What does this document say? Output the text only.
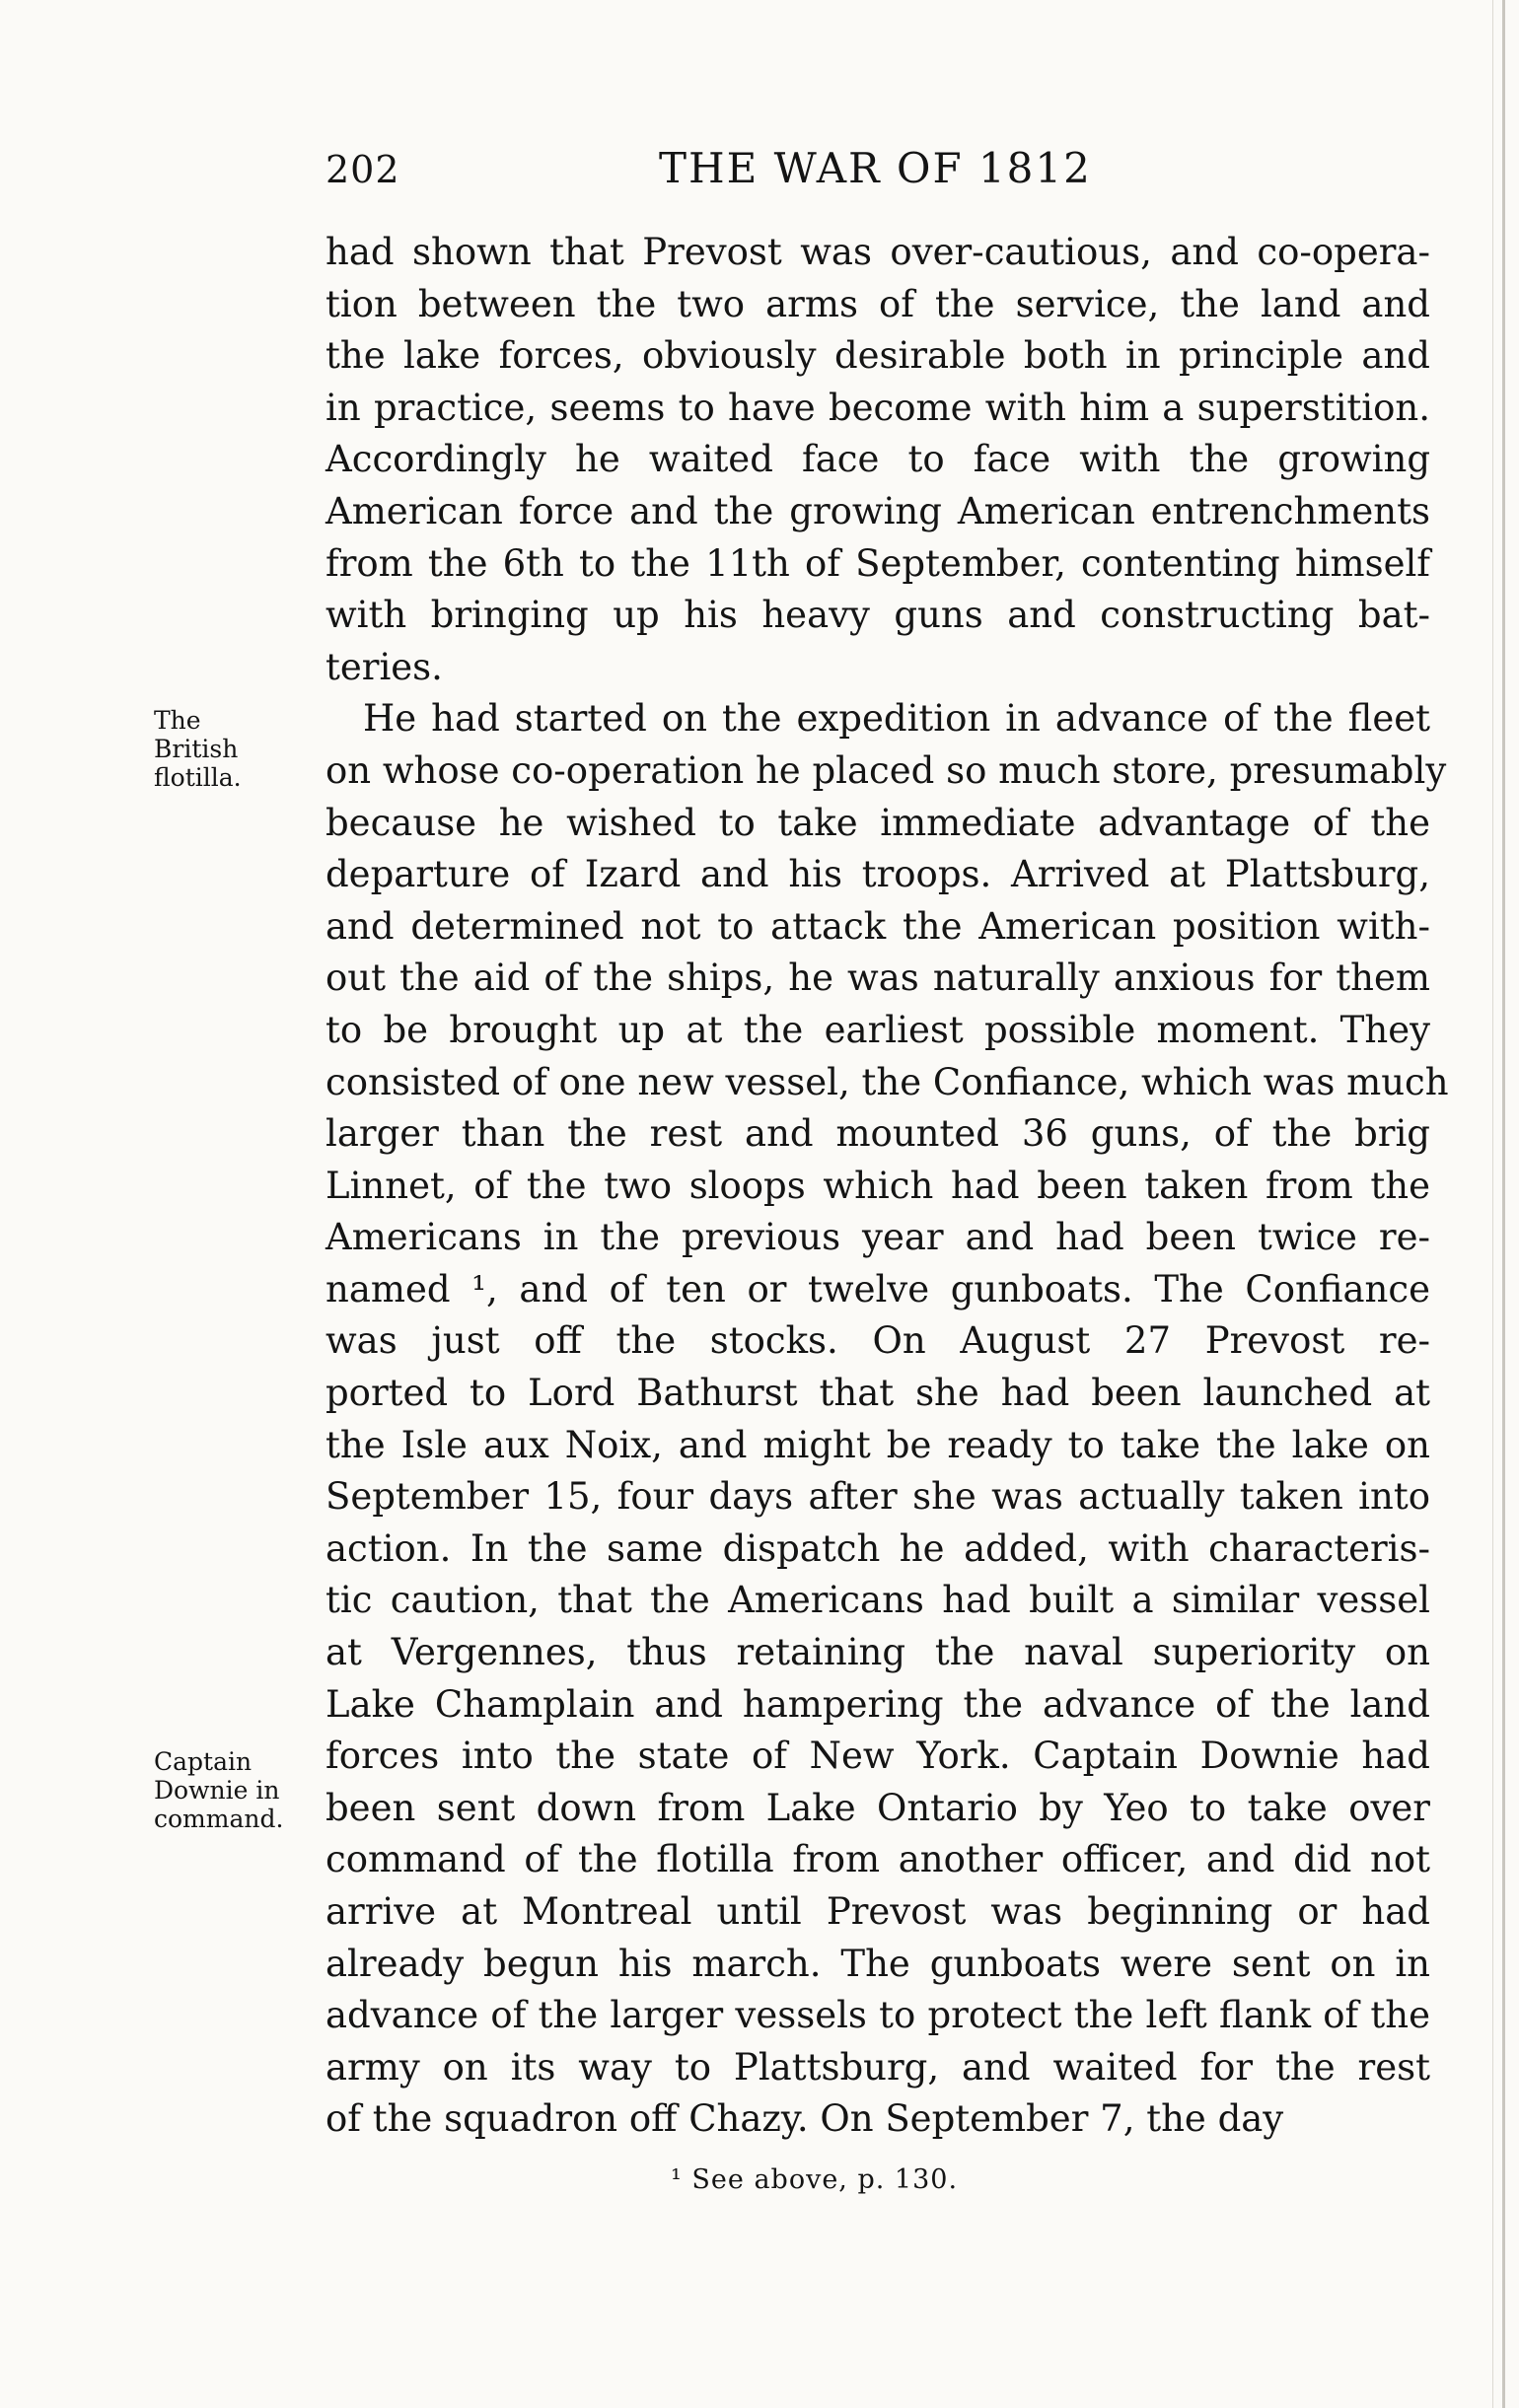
202	THE WAR OF 1812
The
British
flotilla.
Captain
Downie in
command.
had shown that Prevost was over-cautious, and co-opera-
tion between the two arms of the service, the land and
the lake forces, obviously desirable both in principle and
in practice, seems to have become with him a superstition.
Accordingly he waited face to face with the growing
American force and the growing American entrenchments
from the 6th to the 11th of September, contenting himself
with bringing up his heavy guns and constructing bat-
teries.
He had started on the expedition in advance of the fleet
on whose co-operation he placed so much store, presumably
because he wished to take immediate advantage of the
departure of Izard and his troops. Arrived at Plattsburg,
and determined not to attack the American position with-
out the aid of the ships, he was naturally anxious for them
to be brought up at the earliest possible moment. They
consisted of one new vessel, the Confiance, which was much
larger than the rest and mounted 36 guns, of the brig
Linnet, of the two sloops which had been taken from the
Americans in the previous year and had been twice re-
named ¹, and of ten or twelve gunboats. The Confiance
was just off the stocks. On August 27 Prevost re-
ported to Lord Bathurst that she had been launched at
the Isle aux Noix, and might be ready to take the lake on
September 15, four days after she was actually taken into
action. In the same dispatch he added, with characteris-
tic caution, that the Americans had built a similar vessel
at Vergennes, thus retaining the naval superiority on
Lake Champlain and hampering the advance of the land
forces into the state of New York. Captain Downie had
been sent down from Lake Ontario by Yeo to take over
command of the flotilla from another officer, and did not
arrive at Montreal until Prevost was beginning or had
already begun his march. The gunboats were sent on in
advance of the larger vessels to protect the left flank of the
army on its way to Plattsburg, and waited for the rest
of the squadron off Chazy. On September 7, the day
¹ See above, p. 130.
